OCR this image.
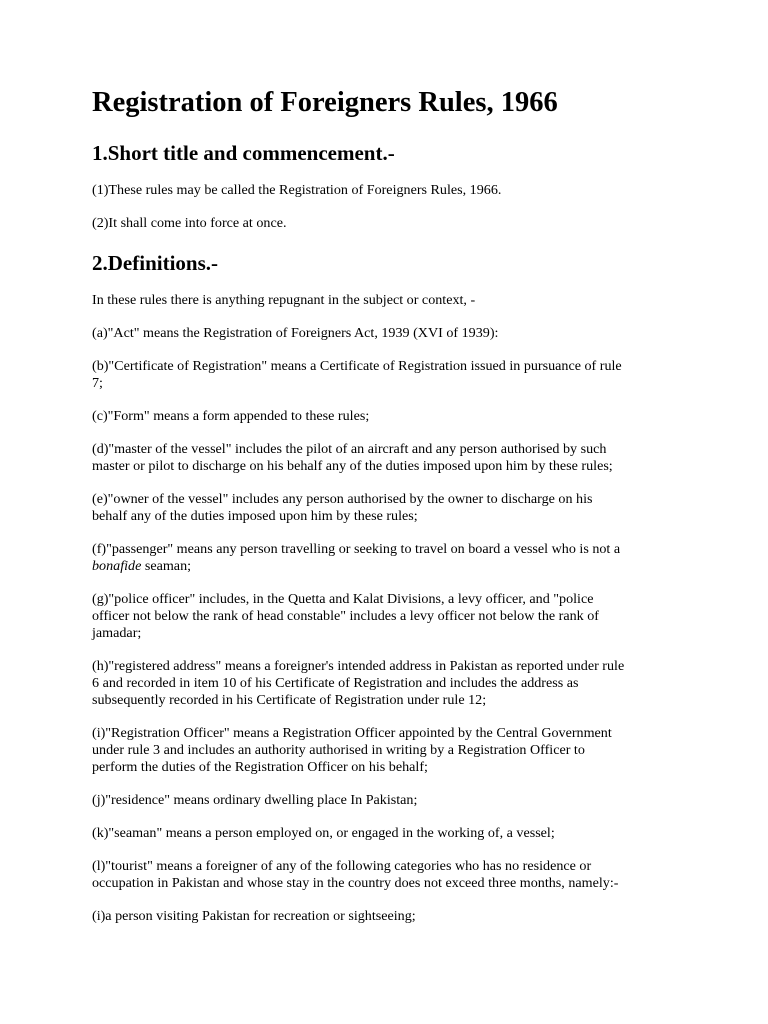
Registration of Foreigners Rules, 1966
1.Short title and commencement.-

(1)These rules may be called the Registration of Foreigners Rules, 1966.

(2)It shall come into force at once.

2.Definitions.-

In these rules there is anything repugnant in the subject or context, -

(a)"Act" means the Registration of Foreigners Act, 1939 (XVI of 1939):

(b)"Certificate of Registration" means a Certificate of Registration issued in pursuance of rule
7;

(c)"Form" means a form appended to these rules;

(d)"master of the vessel" includes the pilot of an aircraft and any person authorised by such
master or pilot to discharge on his behalf any of the duties imposed upon him by these rules;

(e)"owner of the vessel" includes any person authorised by the owner to discharge on his
behalf any of the duties imposed upon him by these rules;

(f)"passenger" means any person travelling or seeking to travel on board a vessel who is not a
bonafide seaman;

(g)"police officer" includes, in the Quetta and Kalat Divisions, a levy officer, and "police
officer not below the rank of head constable" includes a levy officer not below the rank of
jamadar;

(h)"registered address" means a foreigner's intended address in Pakistan as reported under rule
6 and recorded in item 10 of his Certificate of Registration and includes the address as
subsequently recorded in his Certificate of Registration under rule 12;

(i)"Registration Officer" means a Registration Officer appointed by the Central Government
under rule 3 and includes an authority authorised in writing by a Registration Officer to
perform the duties of the Registration Officer on his behalf;

(j)"residence" means ordinary dwelling place In Pakistan;

(k)"seaman" means a person employed on, or engaged in the working of, a vessel;

(l)"tourist" means a foreigner of any of the following categories who has no residence or
occupation in Pakistan and whose stay in the country does not exceed three months, namely:-

(i)a person visiting Pakistan for recreation or sightseeing;
